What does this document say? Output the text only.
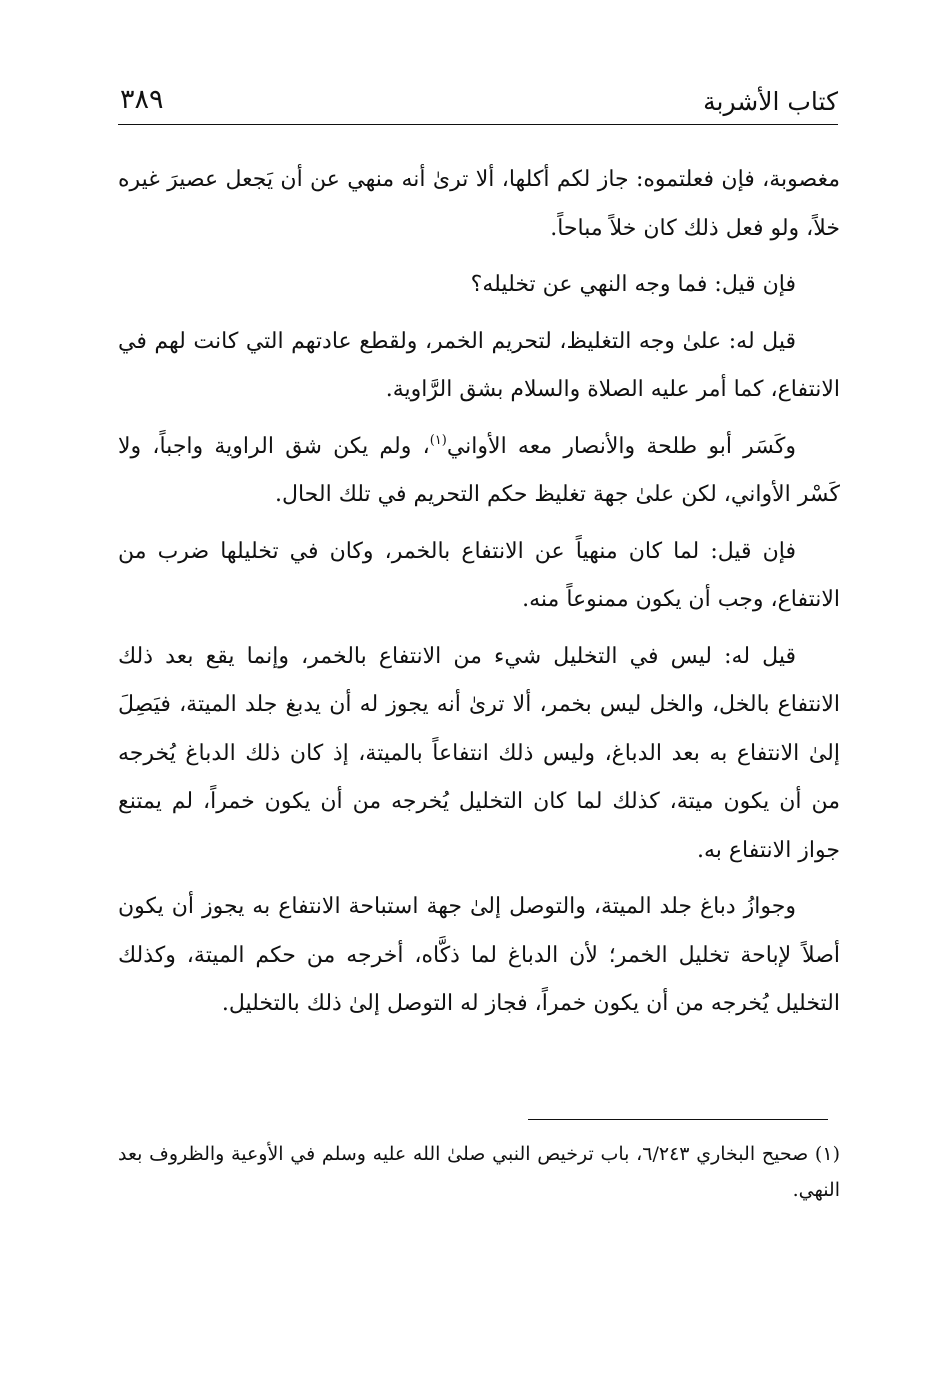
كتاب الأشربة
٣٨٩

مغصوبة، فإن فعلتموه: جاز لكم أكلها، ألا ترىٰ أنه منهي عن أن يَجعل عصيرَ غيره خلاً، ولو فعل ذلك كان خلاً مباحاً.

فإن قيل: فما وجه النهي عن تخليله؟

قيل له: علىٰ وجه التغليظ، لتحريم الخمر، ولقطع عادتهم التي كانت لهم في الانتفاع، كما أمر عليه الصلاة والسلام بشق الرَّاوية.

وكَسَر أبو طلحة والأنصار معه الأواني$^{(١)}$، ولم يكن شق الراوية واجباً، ولا كَسْر الأواني، لكن علىٰ جهة تغليظ حكم التحريم في تلك الحال.

فإن قيل: لما كان منهياً عن الانتفاع بالخمر، وكان في تخليلها ضرب من الانتفاع، وجب أن يكون ممنوعاً منه.

قيل له: ليس في التخليل شيء من الانتفاع بالخمر، وإنما يقع بعد ذلك الانتفاع بالخل، والخل ليس بخمر، ألا ترىٰ أنه يجوز له أن يدبغ جلد الميتة، فيَصِلَ إلىٰ الانتفاع به بعد الدباغ، وليس ذلك انتفاعاً بالميتة، إذ كان ذلك الدباغ يُخرجه من أن يكون ميتة، كذلك لما كان التخليل يُخرجه من أن يكون خمراً، لم يمتنع جواز الانتفاع به.

وجوازُ دباغ جلد الميتة، والتوصل إلىٰ جهة استباحة الانتفاع به يجوز أن يكون أصلاً لإباحة تخليل الخمر؛ لأن الدباغ لما ذكَّاه، أخرجه من حكم الميتة، وكذلك التخليل يُخرجه من أن يكون خمراً، فجاز له التوصل إلىٰ ذلك بالتخليل.

(١) صحيح البخاري ٦/٢٤٣، باب ترخيص النبي صلىٰ الله عليه وسلم في الأوعية والظروف بعد النهي.
